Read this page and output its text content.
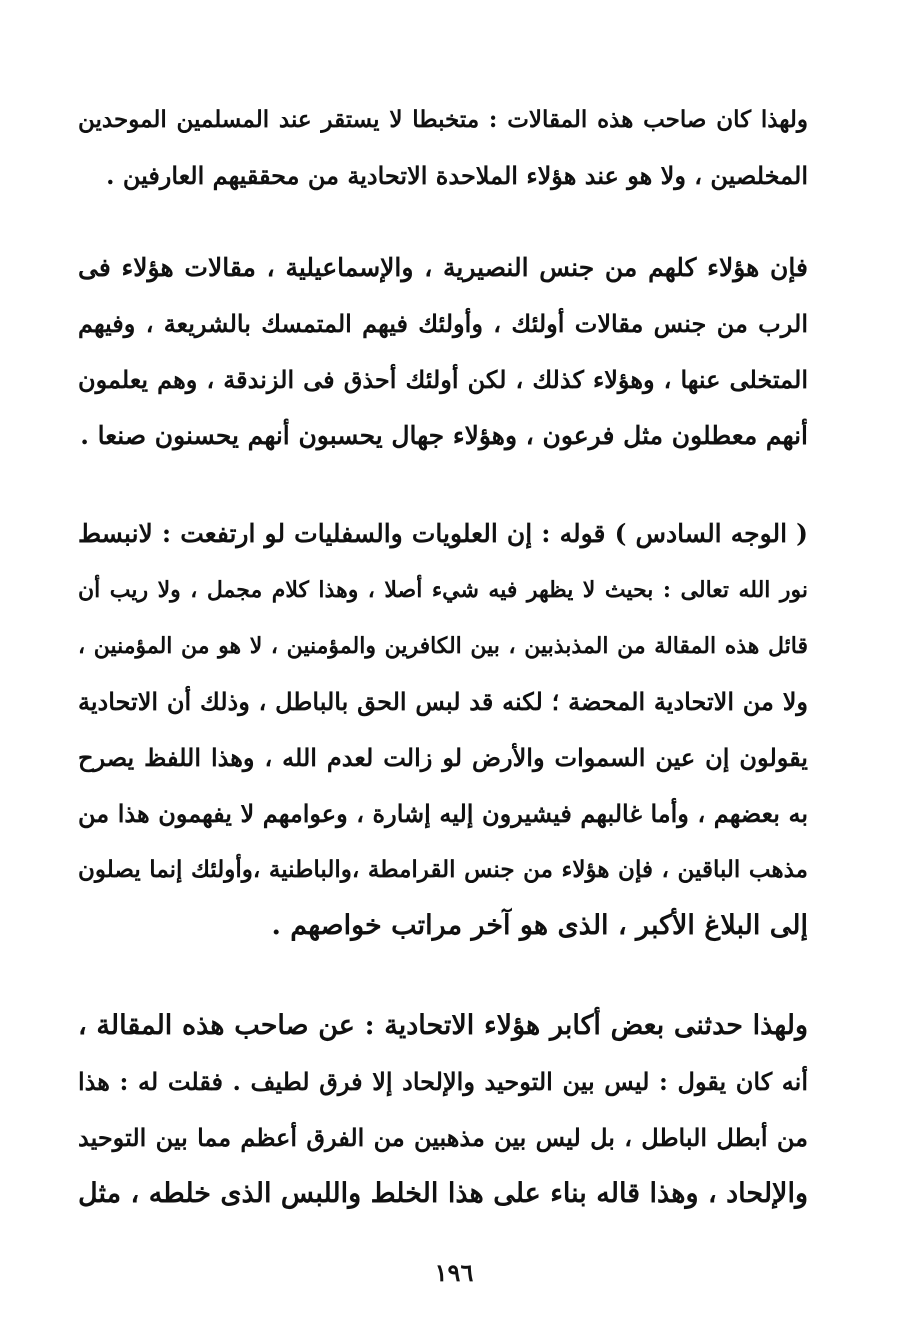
ولهذا كان صاحب هذه المقالات : متخبطا لا يستقر عند المسلمين الموحدين
المخلصين ، ولا هو عند هؤلاء الملاحدة الاتحادية من محققيهم العارفين .
فإن هؤلاء كلهم من جنس النصيرية ، والإسماعيلية ، مقالات هؤلاء فى
الرب من جنس مقالات أولئك ، وأولئك فيهم المتمسك بالشريعة ، وفيهم
المتخلى عنها ، وهؤلاء كذلك ، لكن أولئك أحذق فى الزندقة ، وهم يعلمون
أنهم معطلون مثل فرعون ، وهؤلاء جهال يحسبون أنهم يحسنون صنعا .
( الوجه السادس ) قوله : إن العلويات والسفليات لو ارتفعت : لانبسط
نور الله تعالى : بحيث لا يظهر فيه شيء أصلا ، وهذا كلام مجمل ، ولا ريب أن
قائل هذه المقالة من المذبذبين ، بين الكافرين والمؤمنين ، لا هو من المؤمنين ،
ولا من الاتحادية المحضة ؛ لكنه قد لبس الحق بالباطل ، وذلك أن الاتحادية
يقولون إن عين السموات والأرض لو زالت لعدم الله ، وهذا اللفظ يصرح
به بعضهم ، وأما غالبهم فيشيرون إليه إشارة ، وعوامهم لا يفهمون هذا من
مذهب الباقين ، فإن هؤلاء من جنس القرامطة ،والباطنية ،وأولئك إنما يصلون
إلى البلاغ الأكبر ، الذى هو آخر مراتب خواصهم .
ولهذا حدثنى بعض أكابر هؤلاء الاتحادية : عن صاحب هذه المقالة ،
أنه كان يقول : ليس بين التوحيد والإلحاد إلا فرق لطيف . فقلت له : هذا
من أبطل الباطل ، بل ليس بين مذهبين من الفرق أعظم مما بين التوحيد
والإلحاد ، وهذا قاله بناء على هذا الخلط واللبس الذى خلطه ، مثل
١٩٦
